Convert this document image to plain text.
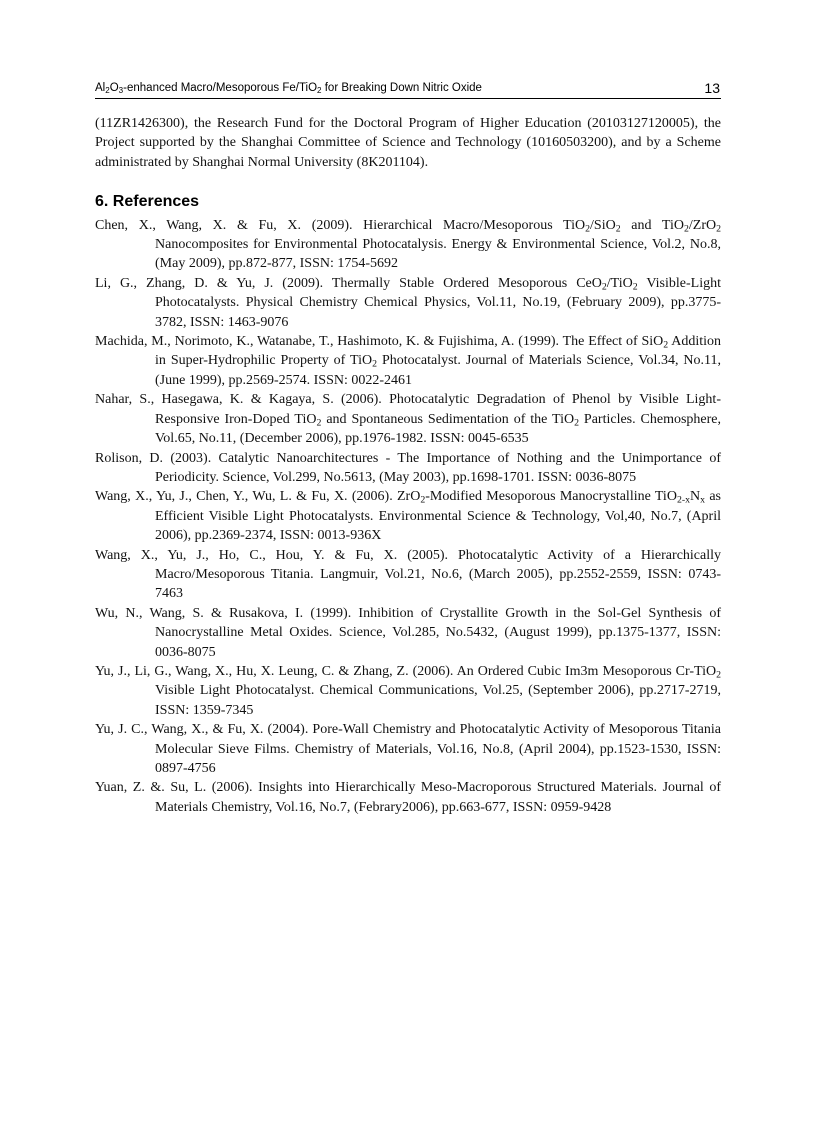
$Al_2O_3$-enhanced Macro/Mesoporous Fe/TiO$_2$ for Breaking Down Nitric Oxide	13

(11ZR1426300), the Research Fund for the Doctoral Program of Higher Education (20103127120005), the Project supported by the Shanghai Committee of Science and Technology (10160503200), and by a Scheme administrated by Shanghai Normal University (8K201104).

6. References
Chen, X., Wang, X. & Fu, X. (2009). Hierarchical Macro/Mesoporous TiO$_2$/SiO$_2$ and TiO$_2$/ZrO$_2$ Nanocomposites for Environmental Photocatalysis. Energy & Environmental Science, Vol.2, No.8, (May 2009), pp.872-877, ISSN: 1754-5692
Li, G., Zhang, D. & Yu, J. (2009). Thermally Stable Ordered Mesoporous CeO$_2$/TiO$_2$ Visible-Light Photocatalysts. Physical Chemistry Chemical Physics, Vol.11, No.19, (February 2009), pp.3775-3782, ISSN: 1463-9076
Machida, M., Norimoto, K., Watanabe, T., Hashimoto, K. & Fujishima, A. (1999). The Effect of SiO$_2$ Addition in Super-Hydrophilic Property of TiO$_2$ Photocatalyst. Journal of Materials Science, Vol.34, No.11, (June 1999), pp.2569-2574. ISSN: 0022-2461
Nahar, S., Hasegawa, K. & Kagaya, S. (2006). Photocatalytic Degradation of Phenol by Visible Light-Responsive Iron-Doped TiO$_2$ and Spontaneous Sedimentation of the TiO$_2$ Particles. Chemosphere, Vol.65, No.11, (December 2006), pp.1976-1982. ISSN: 0045-6535
Rolison, D. (2003). Catalytic Nanoarchitectures - The Importance of Nothing and the Unimportance of Periodicity. Science, Vol.299, No.5613, (May 2003), pp.1698-1701. ISSN: 0036-8075
Wang, X., Yu, J., Chen, Y., Wu, L. & Fu, X. (2006). ZrO$_2$-Modified Mesoporous Manocrystalline $TiO_{2-x}N_x$ as Efficient Visible Light Photocatalysts. Environmental Science & Technology, Vol,40, No.7, (April 2006), pp.2369-2374, ISSN: 0013-936X
Wang, X., Yu, J., Ho, C., Hou, Y. & Fu, X. (2005). Photocatalytic Activity of a Hierarchically Macro/Mesoporous Titania. Langmuir, Vol.21, No.6, (March 2005), pp.2552-2559, ISSN: 0743-7463
Wu, N., Wang, S. & Rusakova, I. (1999). Inhibition of Crystallite Growth in the Sol-Gel Synthesis of Nanocrystalline Metal Oxides. Science, Vol.285, No.5432, (August 1999), pp.1375-1377, ISSN: 0036-8075
Yu, J., Li, G., Wang, X., Hu, X. Leung, C. & Zhang, Z. (2006). An Ordered Cubic Im3m Mesoporous Cr-TiO$_2$ Visible Light Photocatalyst. Chemical Communications, Vol.25, (September 2006), pp.2717-2719, ISSN: 1359-7345
Yu, J. C., Wang, X., & Fu, X. (2004). Pore-Wall Chemistry and Photocatalytic Activity of Mesoporous Titania Molecular Sieve Films. Chemistry of Materials, Vol.16, No.8, (April 2004), pp.1523-1530, ISSN: 0897-4756
Yuan, Z. &. Su, L. (2006). Insights into Hierarchically Meso-Macroporous Structured Materials. Journal of Materials Chemistry, Vol.16, No.7, (Febrary2006), pp.663-677, ISSN: 0959-9428
